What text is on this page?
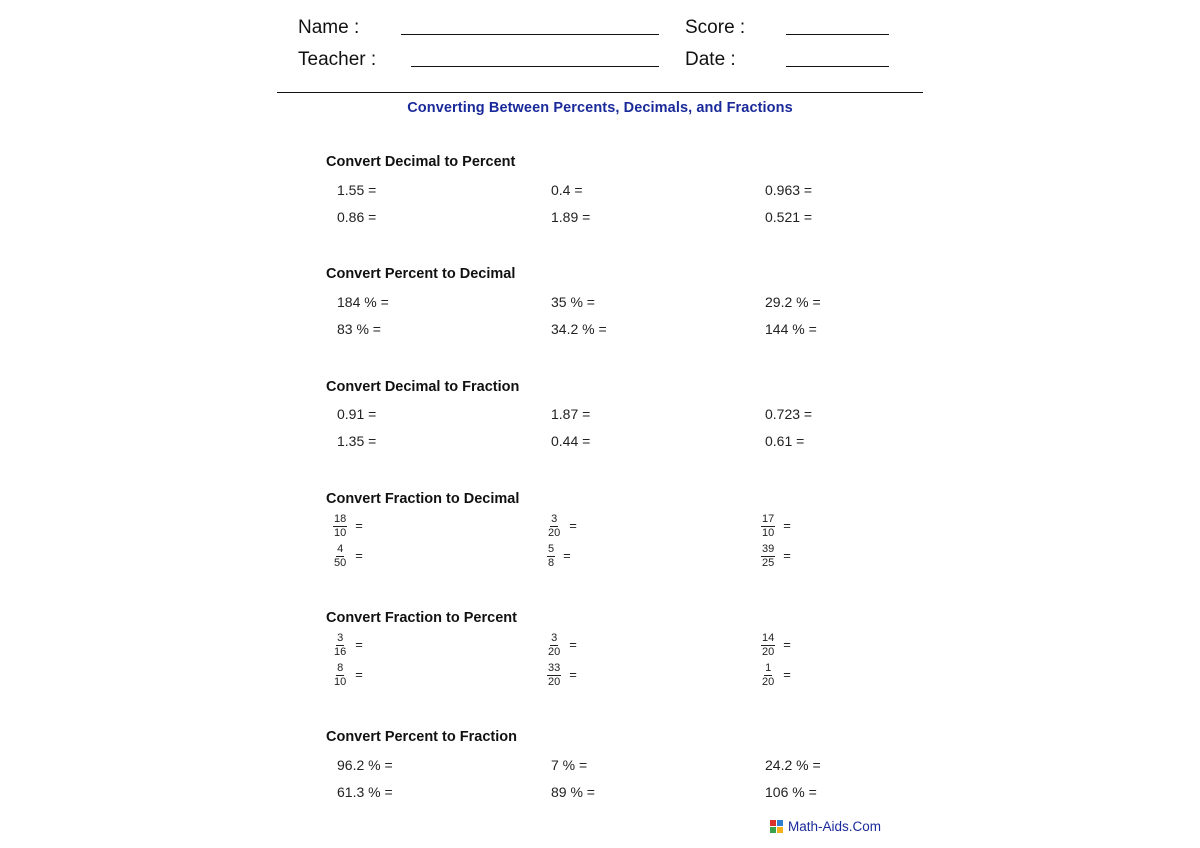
Name :	Score :
Teacher :	Date :
Converting Between Percents, Decimals, and Fractions
Convert Decimal to Percent
1.55 =	0.4 =	0.963 =
0.86 =	1.89 =	0.521 =
Convert Percent to Decimal
184 % =	35 % =	29.2 % =
83 % =	34.2 % =	144 % =
Convert Decimal to Fraction
0.91 =	1.87 =	0.723 =
1.35 =	0.44 =	0.61 =
Convert Fraction to Decimal
$\frac{18}{10}$ =	$\frac{3}{20}$ =	$\frac{17}{10}$ =
$\frac{4}{50}$ =	$\frac{5}{8}$ =	$\frac{39}{25}$ =
Convert Fraction to Percent
$\frac{3}{16}$ =	$\frac{3}{20}$ =	$\frac{14}{20}$ =
$\frac{8}{10}$ =	$\frac{33}{20}$ =	$\frac{1}{20}$ =
Convert Percent to Fraction
96.2 % =	7 % =	24.2 % =
61.3 % =	89 % =	106 % =
Math-Aids.Com
